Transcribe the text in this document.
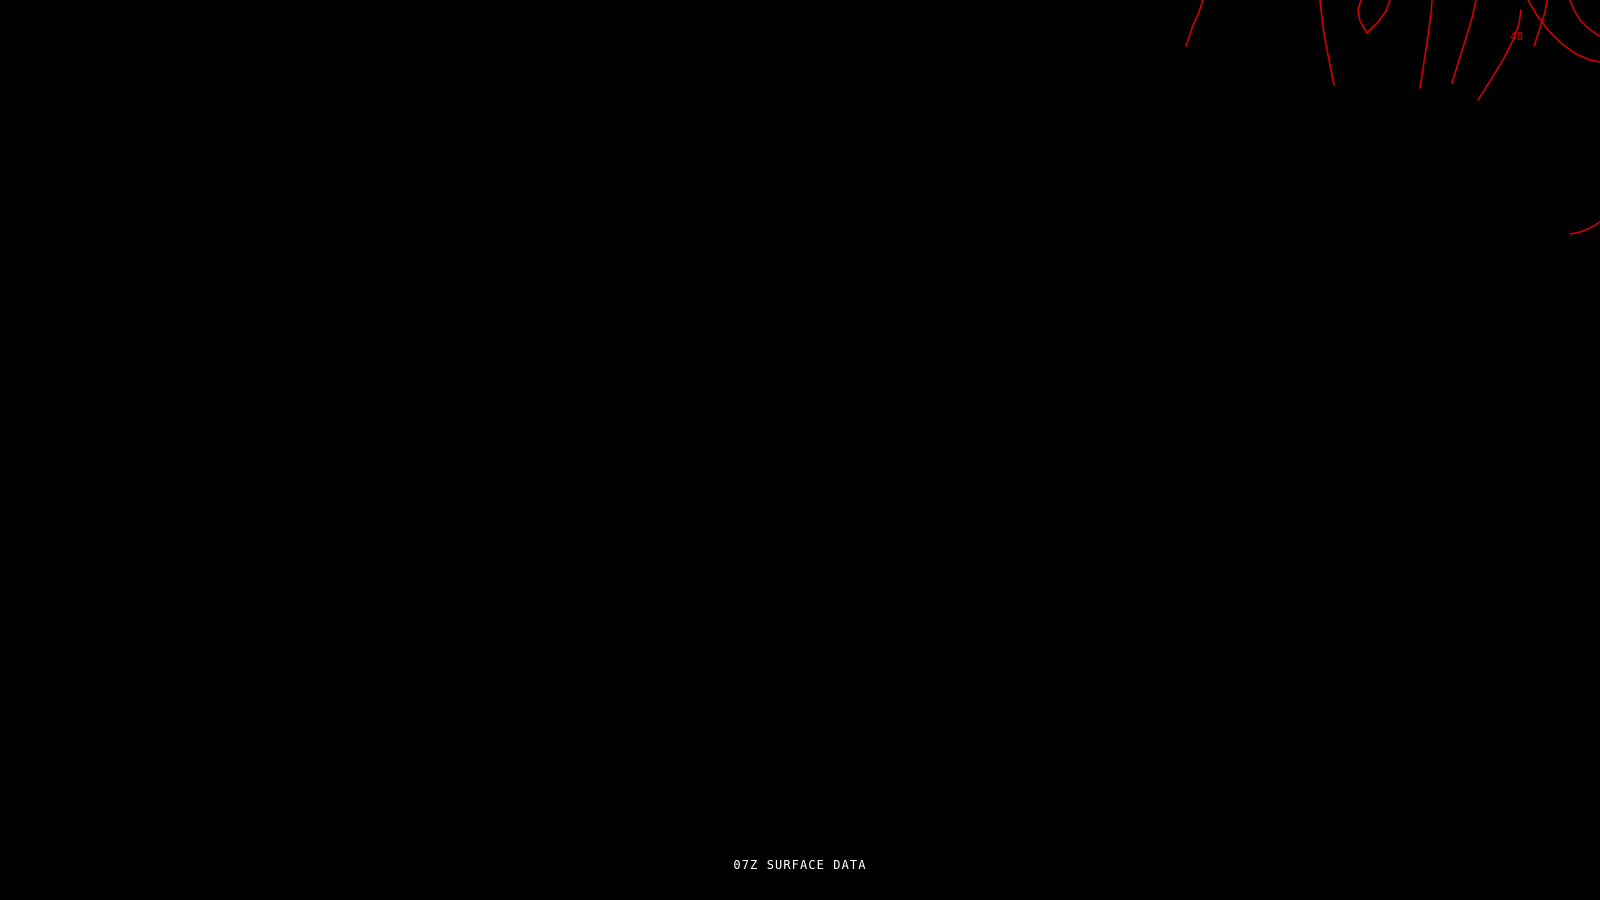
48
07Z SURFACE DATA
